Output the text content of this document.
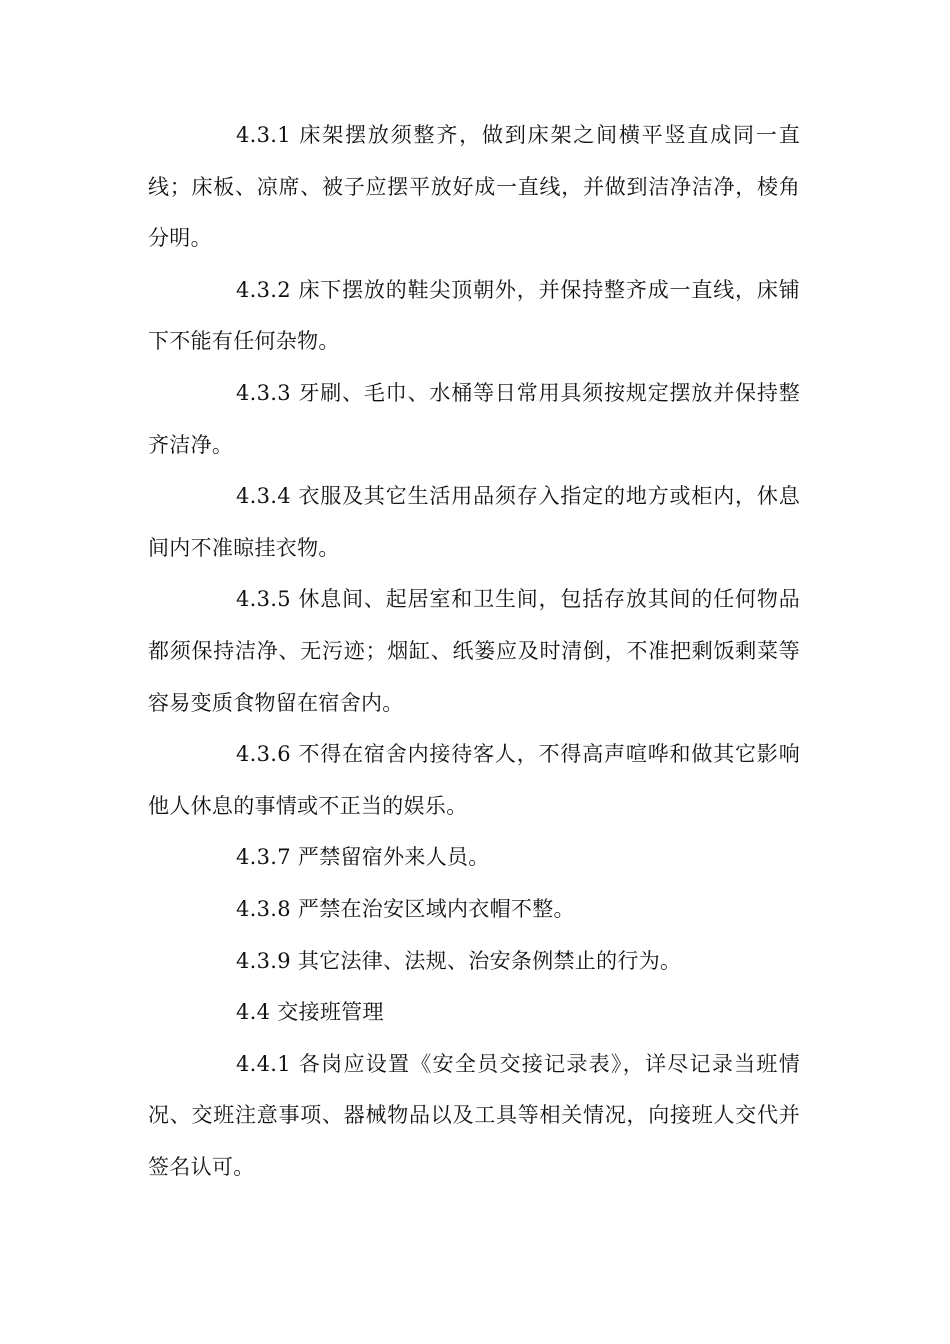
4.3.1 床架摆放须整齐，做到床架之间横平竖直成同一直线；床板、凉席、被子应摆平放好成一直线，并做到洁净洁净，棱角分明。

4.3.2 床下摆放的鞋尖顶朝外，并保持整齐成一直线，床铺下不能有任何杂物。

4.3.3 牙刷、毛巾、水桶等日常用具须按规定摆放并保持整齐洁净。

4.3.4 衣服及其它生活用品须存入指定的地方或柜内，休息间内不准晾挂衣物。

4.3.5 休息间、起居室和卫生间，包括存放其间的任何物品都须保持洁净、无污迹；烟缸、纸篓应及时清倒，不准把剩饭剩菜等容易变质食物留在宿舍内。

4.3.6 不得在宿舍内接待客人，不得高声喧哗和做其它影响他人休息的事情或不正当的娱乐。

4.3.7 严禁留宿外来人员。

4.3.8 严禁在治安区域内衣帽不整。

4.3.9 其它法律、法规、治安条例禁止的行为。

4.4 交接班管理

4.4.1 各岗应设置《安全员交接记录表》，详尽记录当班情况、交班注意事项、器械物品以及工具等相关情况，向接班人交代并签名认可。
